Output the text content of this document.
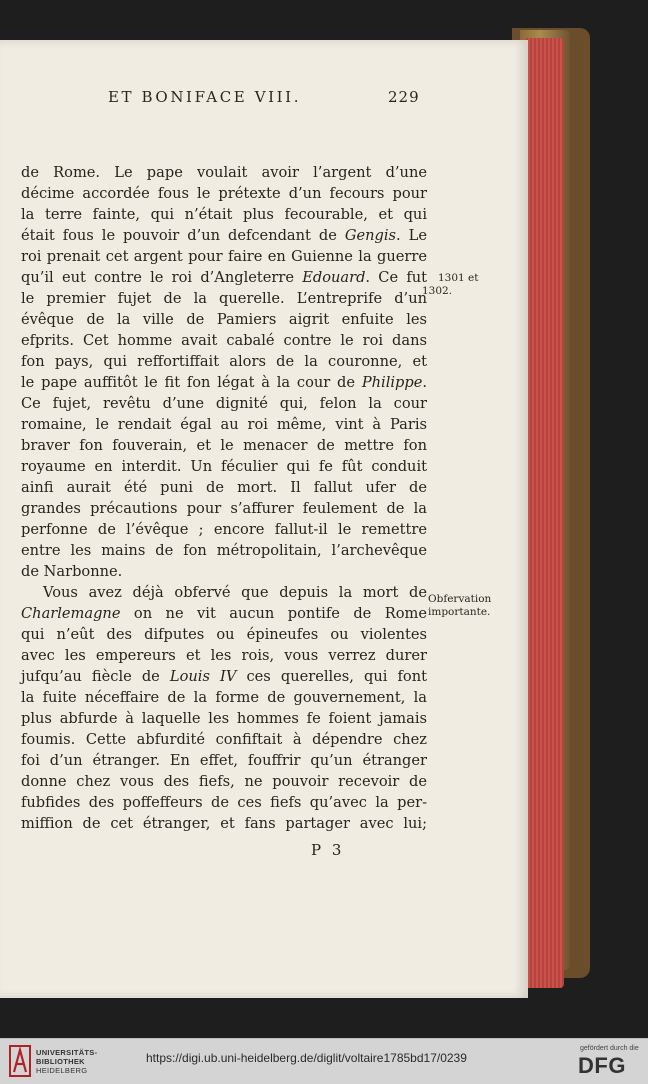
ET BONIFACE VIII.	229
de Rome. Le pape voulait avoir l’argent d’une
décime accordée fous le prétexte d’un fecours pour
la terre fainte, qui n’était plus fecourable, et qui
était fous le pouvoir d’un defcendant de Gengis. Le
roi prenait cet argent pour faire en Guienne la guerre
qu’il eut contre le roi d’Angleterre Edouard. Ce fut
le premier fujet de la querelle. L’entreprife d’un
évêque de la ville de Pamiers aigrit enfuite les
efprits. Cet homme avait cabalé contre le roi dans
fon pays, qui reffortiffait alors de la couronne, et
le pape auffitôt le fit fon légat à la cour de Philippe.
Ce fujet, revêtu d’une dignité qui, felon la cour
romaine, le rendait égal au roi même, vint à Paris
braver fon fouverain, et le menacer de mettre fon
royaume en interdit. Un féculier qui fe fût conduit
ainfi aurait été puni de mort. Il fallut ufer de
grandes précautions pour s’affurer feulement de la
perfonne de l’évêque ; encore fallut-il le remettre
entre les mains de fon métropolitain, l’archevêque
de Narbonne.
Vous avez déjà obfervé que depuis la mort de
Charlemagne on ne vit aucun pontife de Rome
qui n’eût des difputes ou épineufes ou violentes
avec les empereurs et les rois, vous verrez durer
jufqu’au fiècle de Louis IV ces querelles, qui font
la fuite néceffaire de la forme de gouvernement, la
plus abfurde à laquelle les hommes fe foient jamais
foumis. Cette abfurdité confiftait à dépendre chez
foi d’un étranger. En effet, fouffrir qu’un étranger
donne chez vous des fiefs, ne pouvoir recevoir de
fubfides des poffeffeurs de ces fiefs qu’avec la per-
miffion de cet étranger, et fans partager avec lui;
1301 et
1302.
Obfervation
importante.
P 3
UNIVERSITÄTS-
BIBLIOTHEK
HEIDELBERG
https://digi.ub.uni-heidelberg.de/diglit/voltaire1785bd17/0239
gefördert durch die
DFG
